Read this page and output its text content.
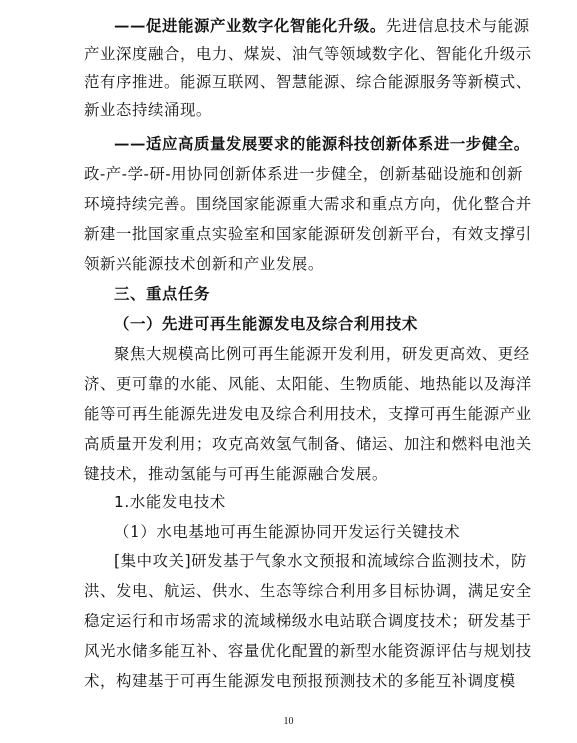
——促进能源产业数字化智能化升级。先进信息技术与能源
产业深度融合，电力、煤炭、油气等领域数字化、智能化升级示
范有序推进。能源互联网、智慧能源、综合能源服务等新模式、
新业态持续涌现。
——适应高质量发展要求的能源科技创新体系进一步健全。
政-产-学-研-用协同创新体系进一步健全，创新基础设施和创新
环境持续完善。围绕国家能源重大需求和重点方向，优化整合并
新建一批国家重点实验室和国家能源研发创新平台，有效支撑引
领新兴能源技术创新和产业发展。
三、重点任务
（一）先进可再生能源发电及综合利用技术
聚焦大规模高比例可再生能源开发利用，研发更高效、更经
济、更可靠的水能、风能、太阳能、生物质能、地热能以及海洋
能等可再生能源先进发电及综合利用技术，支撑可再生能源产业
高质量开发利用；攻克高效氢气制备、储运、加注和燃料电池关
键技术，推动氢能与可再生能源融合发展。
1.水能发电技术
（1）水电基地可再生能源协同开发运行关键技术
[集中攻关]研发基于气象水文预报和流域综合监测技术，防
洪、发电、航运、供水、生态等综合利用多目标协调，满足安全
稳定运行和市场需求的流域梯级水电站联合调度技术；研发基于
风光水储多能互补、容量优化配置的新型水能资源评估与规划技
术，构建基于可再生能源发电预报预测技术的多能互补调度模
10
